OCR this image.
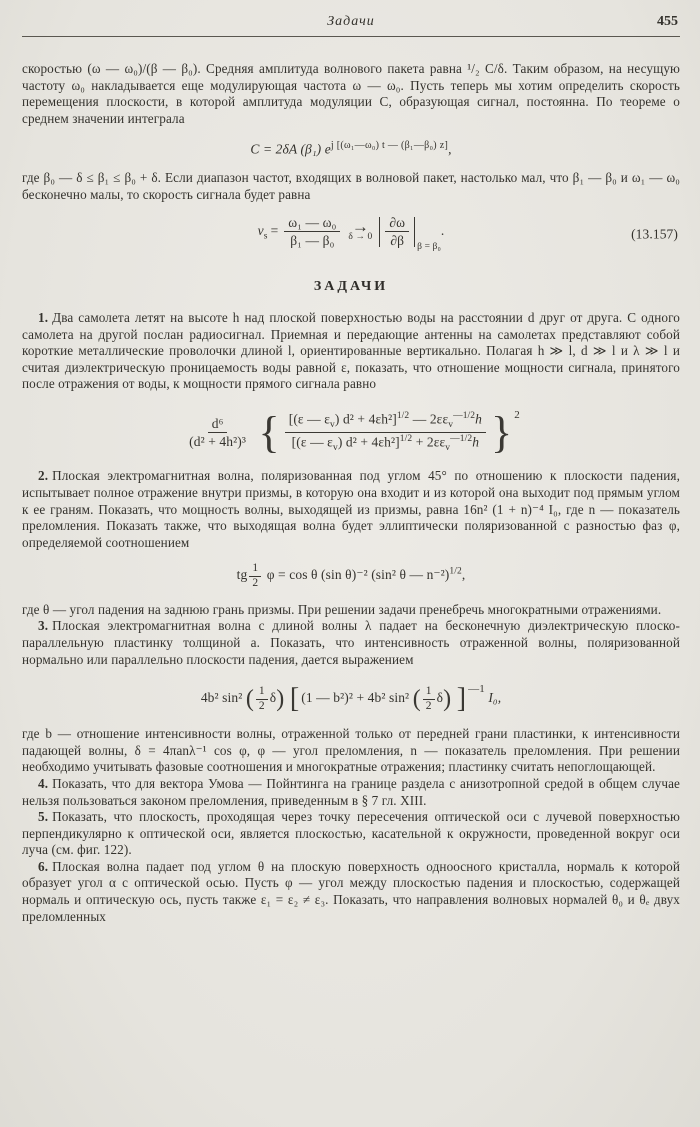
Задачи	455

скоростью (ω — ω₀)/(β — β₀). Средняя амплитуда волнового пакета равна ¹/₂ C/δ. Таким образом, на несущую частоту ω₀ накладывается еще модулирующая частота ω — ω₀. Пусть теперь мы хотим определить скорость перемещения плоскости, в которой амплитуда модуляции C, образующая сигнал, постоянна. По теореме о среднем значении интеграла

C = 2δA (β₁) $e^{j [(\omega_1—\omega_0) t — (\beta_1—\beta_0) z]}$,

где β₀ — δ ≤ β₁ ≤ β₀ + δ. Если диапазон частот, входящих в волновой пакет, настолько мал, что β₁ — β₀ и ω₁ — ω₀ бесконечно малы, то скорость сигнала будет равна

$v_s = \frac{\text{ω₁ — ω₀}}{\text{β₁ — β₀}}$ →
$\delta \to 0 \frac{\partial\omega}{\partial\beta} _{\beta = \beta_0}$.	(13.157)
ЗАДАЧИ

1. Два самолета летят на высоте h над плоской поверхностью воды на расстоянии d друг от друга. С одного самолета на другой послан радиосигнал. Приемная и передающие антенны на самолетах представляют собой короткие металлические проволочки длиной l, ориентированные вертикально. Полагая h ≫ l, d ≫ l и λ ≫ l и считая диэлектрическую проницаемость воды равной ε, показать, что отношение мощности сигнала, принятого после отражения от воды, к мощности прямого сигнала равно

$\frac{\text{d⁶}}{\text{(d² + 4h²)³}}$ { $\frac{[(\varepsilon — \varepsilon_v) d^2 + 4\varepsilon h^2]^{1/2} — 2\varepsilon\varepsilon_v^{—1/2}h}{[(\varepsilon — \varepsilon_v) d^2 + 4\varepsilon h^2]^{1/2} + 2\varepsilon\varepsilon_v^{—1/2}h}$ } $^2$

2. Плоская электромагнитная волна, поляризованная под углом 45° по отношению к плоскости падения, испытывает полное отражение внутри призмы, в которую она входит и из которой она выходит под прямым углом к ее граням. Показать, что мощность волны, выходящей из призмы, равна 16n² (1 + n)⁻⁴ I₀, где n — показатель преломления. Показать также, что выходящая волна будет эллиптически поляризованной с разностью фаз φ, определяемой соотношением

tg $\frac{1}{2}$ φ = cos θ (sin θ)⁻² (sin² θ — n⁻²)$^{1/2}$,

где θ — угол падения на заднюю грань призмы. При решении задачи пренебречь многократными отражениями.

3. Плоская электромагнитная волна с длиной волны λ падает на бесконечную диэлектрическую плоско-параллельную пластинку толщиной a. Показать, что интенсивность отраженной волны, поляризованной нормально или параллельно плоскости падения, дается выражением

4b² sin² ( $\frac{1}{2} \delta$) [ (1 — b²)² + 4b² sin² ( $\frac{1}{2} \delta$) ] $^{—1}$ I₀,

где b — отношение интенсивности волны, отраженной только от передней грани пластинки, к интенсивности падающей волны, δ = 4πanλ⁻¹ cos φ, φ — угол преломления, n — показатель преломления. При решении необходимо учитывать фазовые соотношения и многократные отражения; пластинку считать непоглощающей.

4. Показать, что для вектора Умова — Пойнтинга на границе раздела с анизотропной средой в общем случае нельзя пользоваться законом преломления, приведенным в § 7 гл. XIII.

5. Показать, что плоскость, проходящая через точку пересечения оптической оси с лучевой поверхностью перпендикулярно к оптической оси, является плоскостью, касательной к окружности, проведенной вокруг оси луча (см. фиг. 122).

6. Плоская волна падает под углом θ на плоскую поверхность одноосного кристалла, нормаль к которой образует угол α с оптической осью. Пусть φ — угол между плоскостью падения и плоскостью, содержащей нормаль и оптическую ось, пусть также ε₁ = ε₂ ≠ ε₃. Показать, что направления волновых нормалей θ₀ и θₑ двух преломленных
